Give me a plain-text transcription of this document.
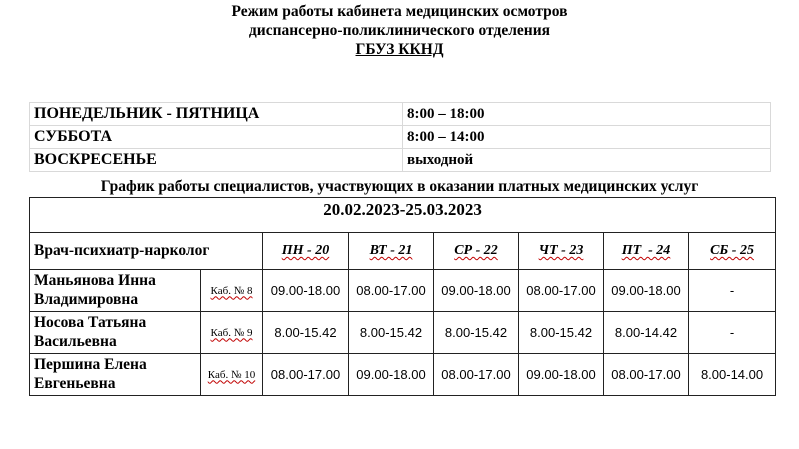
Режим работы кабинета медицинских осмотров
диспансерно-поликлинического отделения
ГБУЗ ККНД
ПОНЕДЕЛЬНИК - ПЯТНИЦА	8:00 – 18:00
СУББОТА	8:00 – 14:00
ВОСКРЕСЕНЬЕ	выходной
График работы специалистов, участвующих в оказании платных медицинских услуг
20.02.2023-25.03.2023							
Врач-психиатр-нарколог		ПН - 20	ВТ - 21	СР - 22	ЧТ - 23	ПТ  - 24	СБ - 25
Маньянова Инна Владимировна	Каб. № 8	09.00-18.00	08.00-17.00	09.00-18.00	08.00-17.00	09.00-18.00	-
Носова Татьяна Васильевна	Каб. № 9	8.00-15.42	8.00-15.42	8.00-15.42	8.00-15.42	8.00-14.42	-
Першина Елена Евгеньевна	Каб. № 10	08.00-17.00	09.00-18.00	08.00-17.00	09.00-18.00	08.00-17.00	8.00-14.00
